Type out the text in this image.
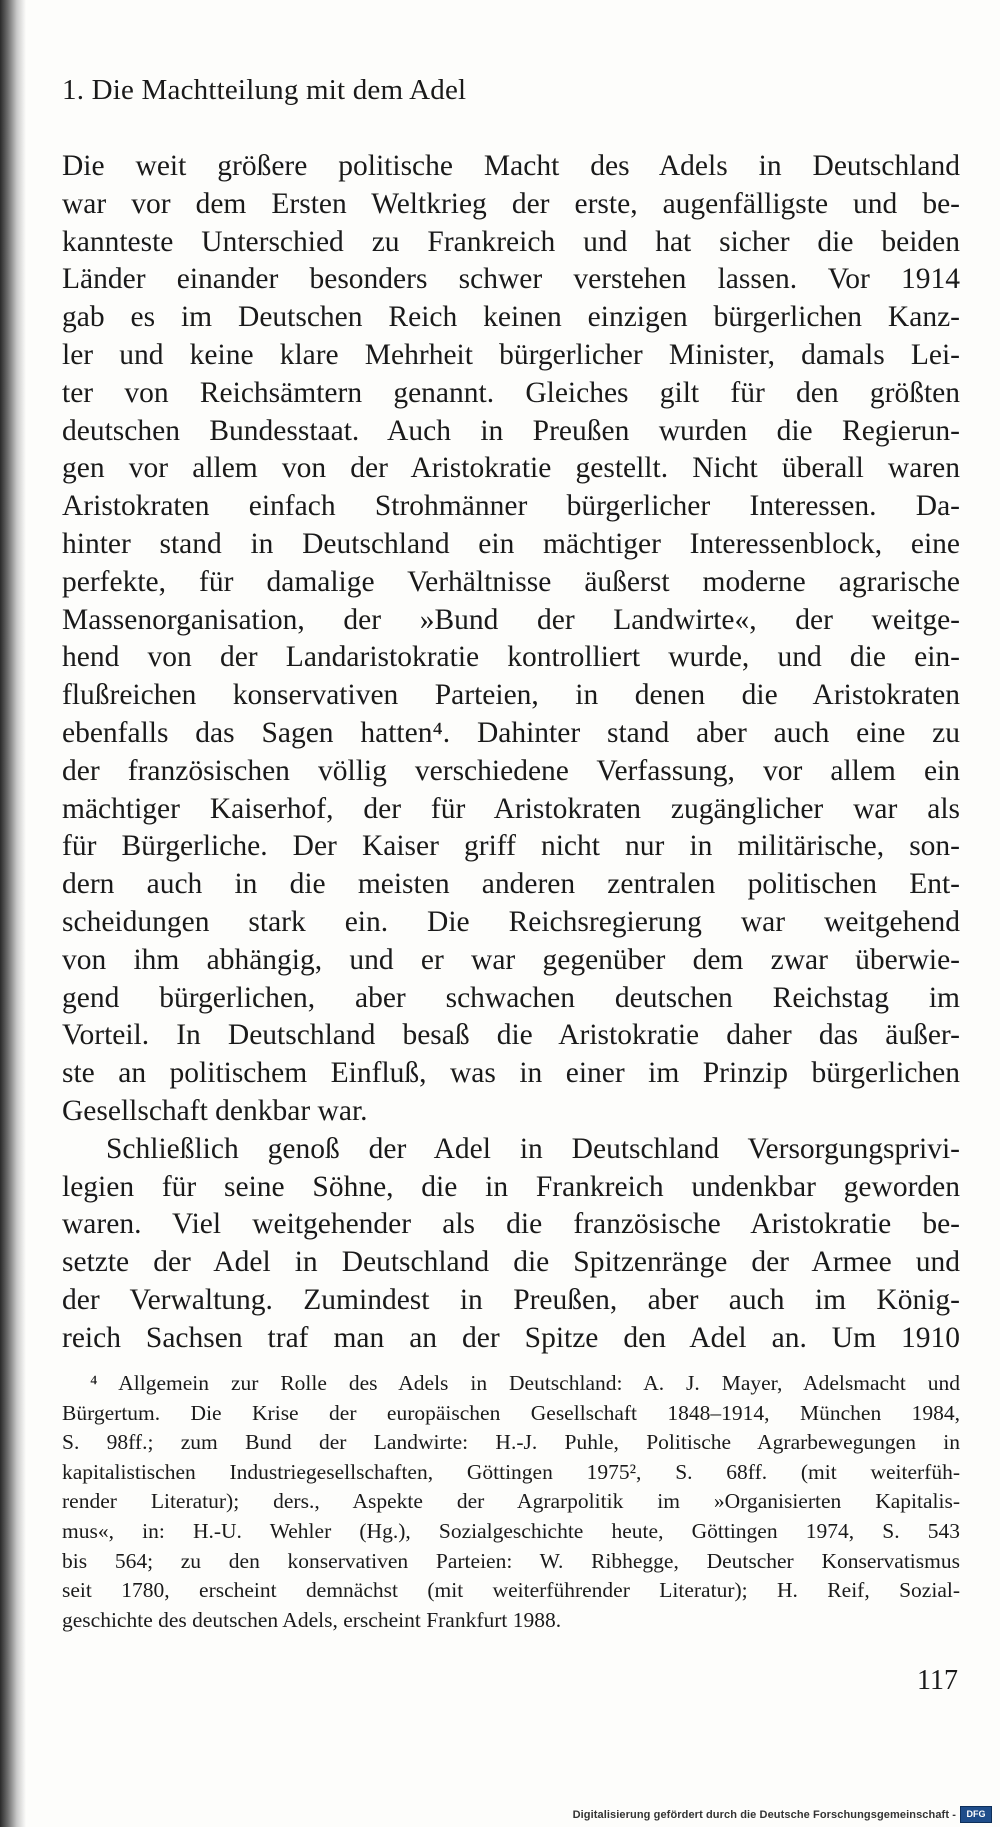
1. Die Machtteilung mit dem Adel
Die weit größere politische Macht des Adels in Deutschland
war vor dem Ersten Weltkrieg der erste, augenfälligste und be-
kannteste Unterschied zu Frankreich und hat sicher die beiden
Länder einander besonders schwer verstehen lassen. Vor 1914
gab es im Deutschen Reich keinen einzigen bürgerlichen Kanz-
ler und keine klare Mehrheit bürgerlicher Minister, damals Lei-
ter von Reichsämtern genannt. Gleiches gilt für den größten
deutschen Bundesstaat. Auch in Preußen wurden die Regierun-
gen vor allem von der Aristokratie gestellt. Nicht überall waren
Aristokraten einfach Strohmänner bürgerlicher Interessen. Da-
hinter stand in Deutschland ein mächtiger Interessenblock, eine
perfekte, für damalige Verhältnisse äußerst moderne agrarische
Massenorganisation, der »Bund der Landwirte«, der weitge-
hend von der Landaristokratie kontrolliert wurde, und die ein-
flußreichen konservativen Parteien, in denen die Aristokraten
ebenfalls das Sagen hatten⁴. Dahinter stand aber auch eine zu
der französischen völlig verschiedene Verfassung, vor allem ein
mächtiger Kaiserhof, der für Aristokraten zugänglicher war als
für Bürgerliche. Der Kaiser griff nicht nur in militärische, son-
dern auch in die meisten anderen zentralen politischen Ent-
scheidungen stark ein. Die Reichsregierung war weitgehend
von ihm abhängig, und er war gegenüber dem zwar überwie-
gend bürgerlichen, aber schwachen deutschen Reichstag im
Vorteil. In Deutschland besaß die Aristokratie daher das äußer-
ste an politischem Einfluß, was in einer im Prinzip bürgerlichen
Gesellschaft denkbar war.
Schließlich genoß der Adel in Deutschland Versorgungsprivi-
legien für seine Söhne, die in Frankreich undenkbar geworden
waren. Viel weitgehender als die französische Aristokratie be-
setzte der Adel in Deutschland die Spitzenränge der Armee und
der Verwaltung. Zumindest in Preußen, aber auch im König-
reich Sachsen traf man an der Spitze den Adel an. Um 1910
⁴ Allgemein zur Rolle des Adels in Deutschland: A. J. Mayer, Adelsmacht und
Bürgertum. Die Krise der europäischen Gesellschaft 1848–1914, München 1984,
S. 98ff.; zum Bund der Landwirte: H.-J. Puhle, Politische Agrarbewegungen in
kapitalistischen Industriegesellschaften, Göttingen 1975², S. 68ff. (mit weiterfüh-
render Literatur); ders., Aspekte der Agrarpolitik im »Organisierten Kapitalis-
mus«, in: H.-U. Wehler (Hg.), Sozialgeschichte heute, Göttingen 1974, S. 543
bis 564; zu den konservativen Parteien: W. Ribhegge, Deutscher Konservatismus
seit 1780, erscheint demnächst (mit weiterführender Literatur); H. Reif, Sozial-
geschichte des deutschen Adels, erscheint Frankfurt 1988.
117
Digitalisierung gefördert durch die Deutsche Forschungsgemeinschaft -	DFG
